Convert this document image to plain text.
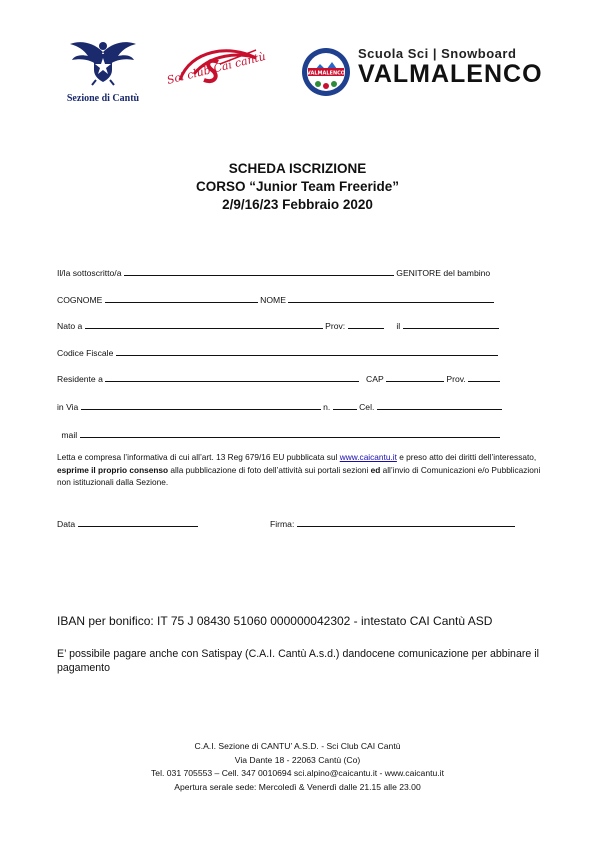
Sezione di Cantù
Sci club Cai cantù	VALMALENCO
Scuola Sci | Snowboard
VALMALENCO
SCHEDA ISCRIZIONE
CORSO “Junior Team Freeride”
2/9/16/23 Febbraio 2020
Il/la sottoscritto/a	GENITORE del bambino
COGNOME	NOME
Nato a	Prov:	il
Codice Fiscale
Residente a	CAP	Prov.
in Via	n.	Cel.
mail
Letta e compresa l’informativa di cui all’art. 13 Reg 679/16 EU pubblicata sul www.caicantu.it e preso atto dei diritti dell’interessato, esprime il proprio consenso alla pubblicazione di foto dell’attività sui portali sezioni ed all’invio di Comunicazioni e/o Pubblicazioni non istituzionali dalla Sezione.
Data	Firma:
IBAN per bonifico: IT 75 J 08430 51060 000000042302 - intestato CAI Cantù ASD
E’ possibile pagare anche con Satispay (C.A.I. Cantù A.s.d.) dandocene comunicazione per abbinare il pagamento
C.A.I. Sezione di CANTU’ A.S.D. - Sci Club CAI Cantù
Via Dante 18 - 22063 Cantù (Co)
Tel. 031 705553 – Cell. 347 0010694 sci.alpino@caicantu.it - www.caicantu.it
Apertura serale sede: Mercoledì & Venerdì dalle 21.15 alle 23.00
